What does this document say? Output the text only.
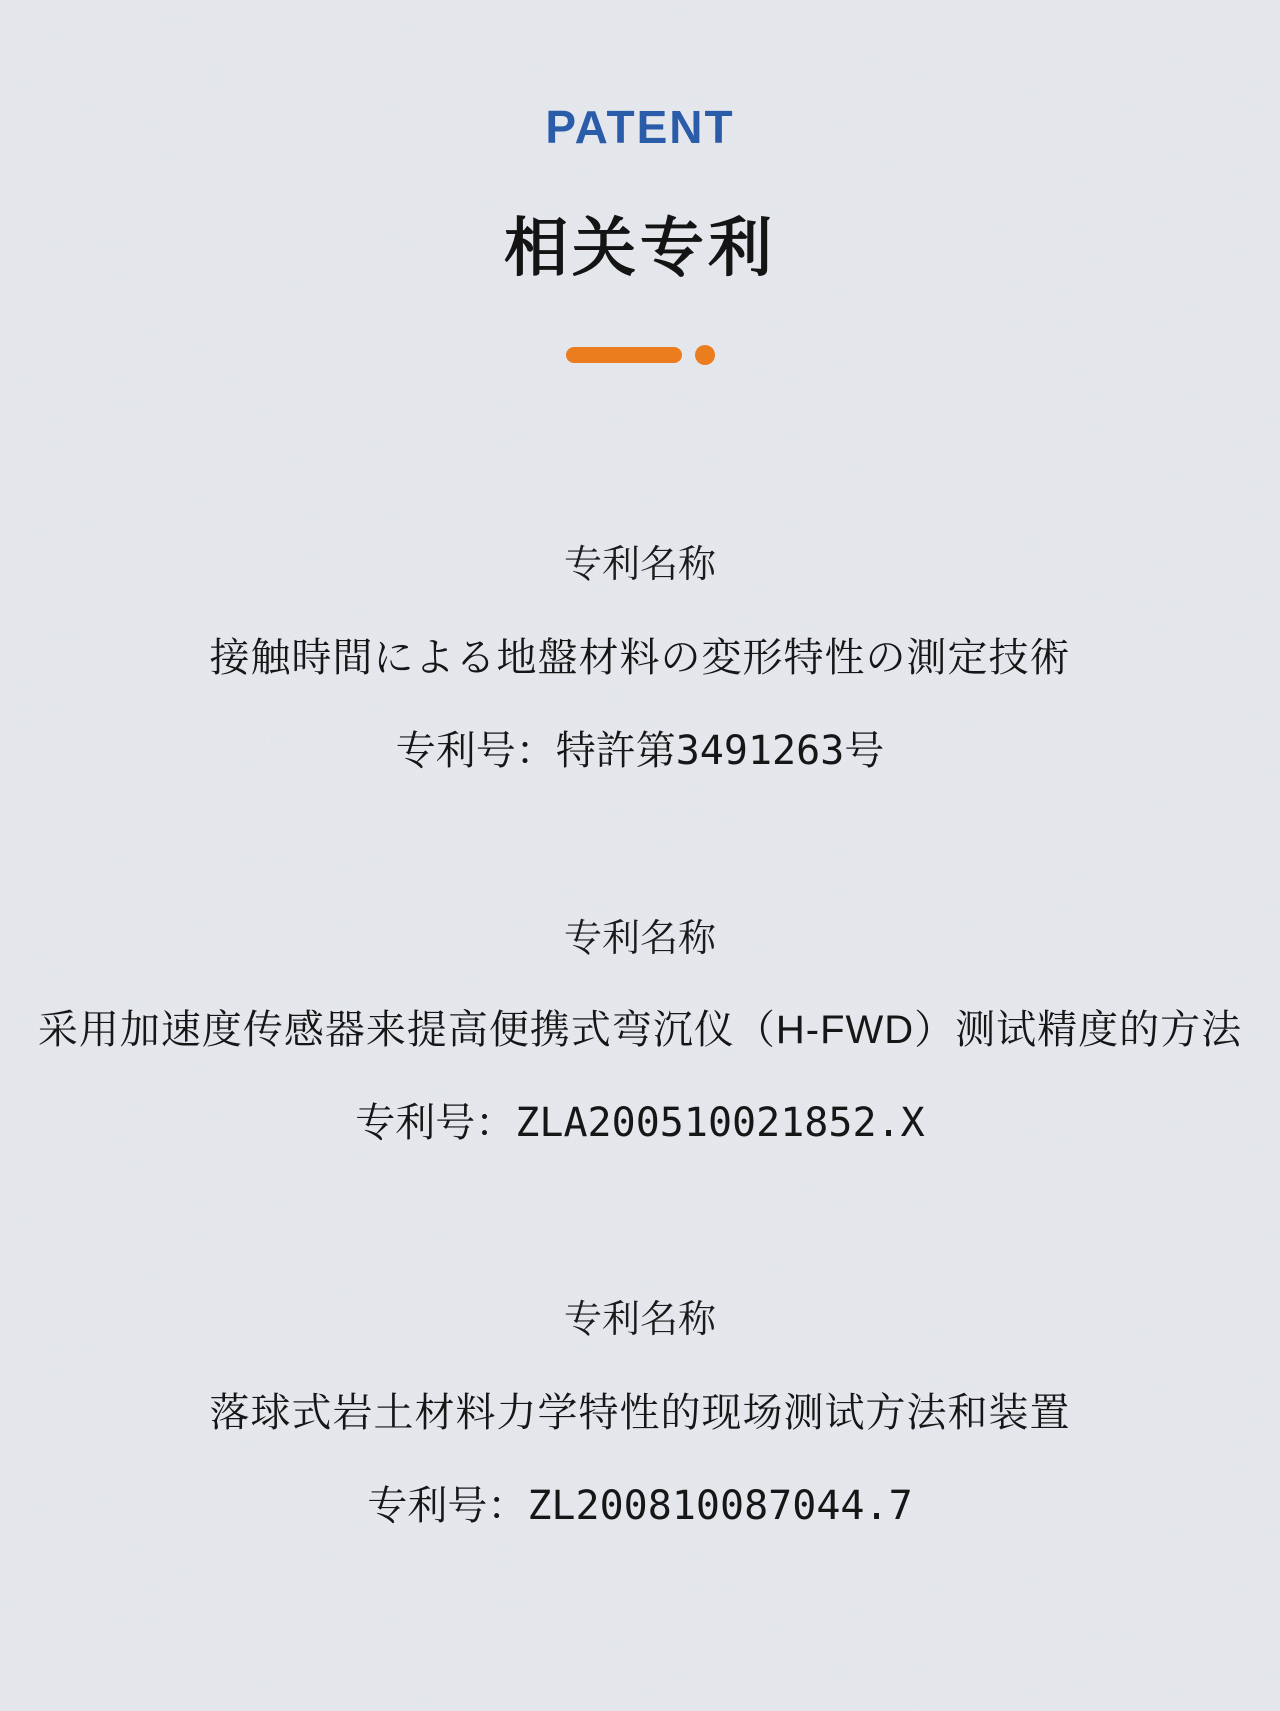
PATENT
相关专利
专利名称
接触時間による地盤材料の変形特性の測定技術
专利号：特許第3491263号
专利名称
采用加速度传感器来提高便携式弯沉仪（H-FWD）测试精度的方法
专利号：ZLA200510021852.X
专利名称
落球式岩土材料力学特性的现场测试方法和装置
专利号：ZL200810087044.7
